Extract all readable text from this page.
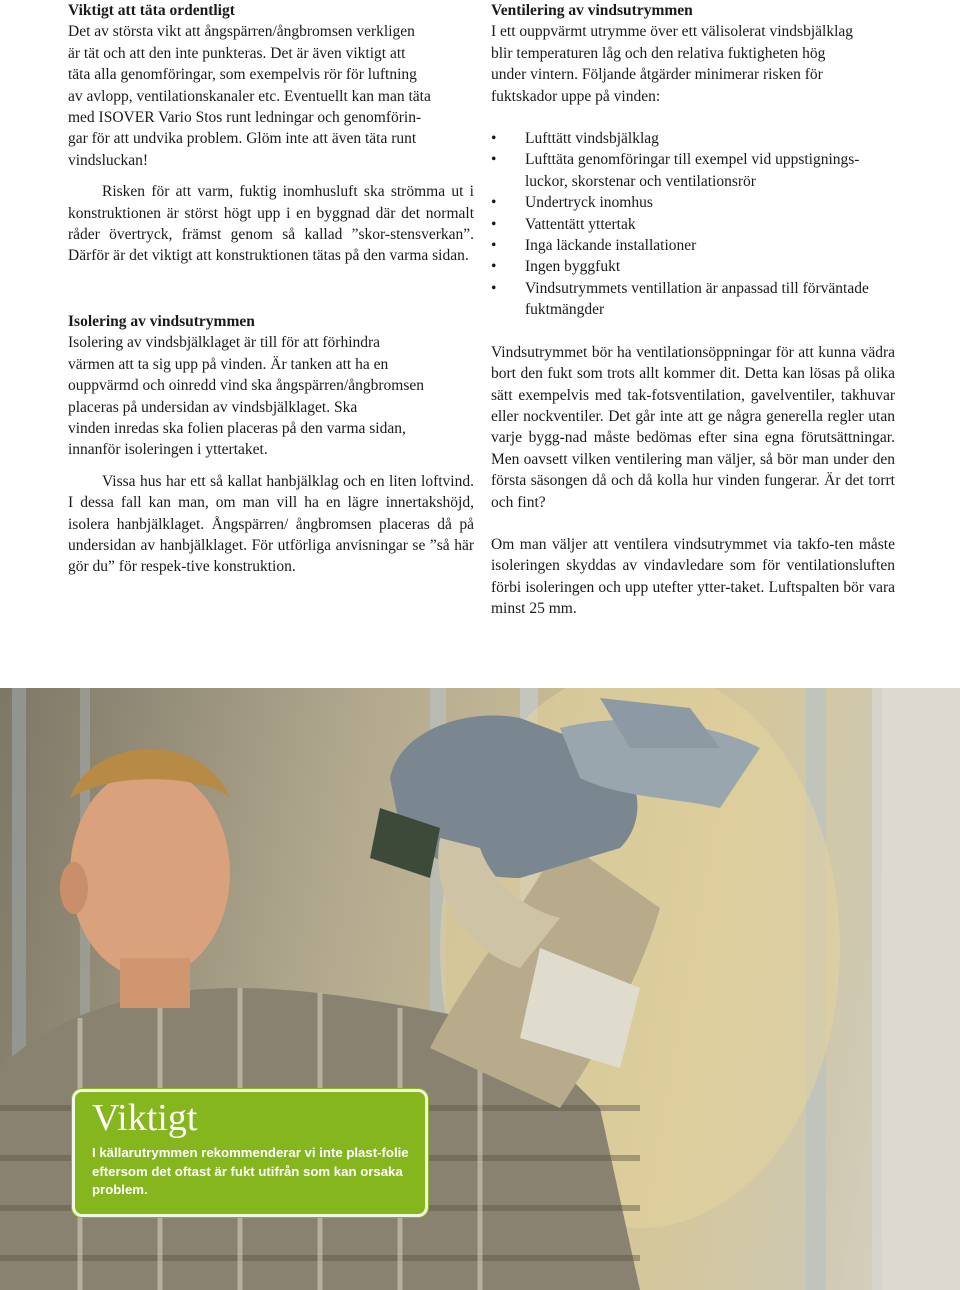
Viktigt att täta ordentligt

Det av största vikt att ångspärren/ångbromsen verkligen
är tät och att den inte punkteras. Det är även viktigt att
täta alla genomföringar, som exempelvis rör för luftning
av avlopp, ventilationskanaler etc. Eventuellt kan man täta
med ISOVER Vario Stos runt ledningar och genomförin-
gar för att undvika problem. Glöm inte att även täta runt
vindsluckan!

Risken för att varm, fuktig inomhusluft ska strömma ut i konstruktionen är störst högt upp i en byggnad där det normalt råder övertryck, främst genom så kallad ”skor-stensverkan”. Därför är det viktigt att konstruktionen tätas på den varma sidan.

Isolering av vindsutrymmen

Isolering av vindsbjälklaget är till för att förhindra
värmen att ta sig upp på vinden. Är tanken att ha en
ouppvärmd och oinredd vind ska ångspärren/ångbromsen
placeras på undersidan av vindsbjälklaget. Ska
vinden inredas ska folien placeras på den varma sidan,
innanför isoleringen i yttertaket.

Vissa hus har ett så kallat hanbjälklag och en liten loftvind. I dessa fall kan man, om man vill ha en lägre innertakshöjd, isolera hanbjälklaget. Ångspärren/ ångbromsen placeras då på undersidan av hanbjälklaget. För utförliga anvisningar se ”så här gör du” för respek-tive konstruktion.

Ventilering av vindsutrymmen

I ett ouppvärmt utrymme över ett välisolerat vindsbjälklag
blir temperaturen låg och den relativa fuktigheten hög
under vintern. Följande åtgärder minimerar risken för
fuktskador uppe på vinden:

• Lufttätt vindsbjälklag
• Lufttäta genomföringar till exempel vid uppstignings-luckor, skorstenar och ventilationsrör
• Undertryck inomhus
• Vattentätt yttertak
• Inga läckande installationer
• Ingen byggfukt
• Vindsutrymmets ventillation är anpassad till förväntade fuktmängder

Vindsutrymmet bör ha ventilationsöppningar för att kunna vädra bort den fukt som trots allt kommer dit. Detta kan lösas på olika sätt exempelvis med tak-fotsventilation, gavelventiler, takhuvar eller nockventiler. Det går inte att ge några generella regler utan varje bygg-nad måste bedömas efter sina egna förutsättningar. Men oavsett vilken ventilering man väljer, så bör man under den första säsongen då och då kolla hur vinden fungerar. Är det torrt och fint?

Om man väljer att ventilera vindsutrymmet via takfo-ten måste isoleringen skyddas av vindavledare som för ventilationsluften förbi isoleringen och upp utefter ytter-taket. Luftspalten bör vara minst 25 mm.

Viktigt

I källarutrymmen rekommenderar vi inte plast-folie eftersom det oftast är fukt utifrån som kan orsaka problem.
